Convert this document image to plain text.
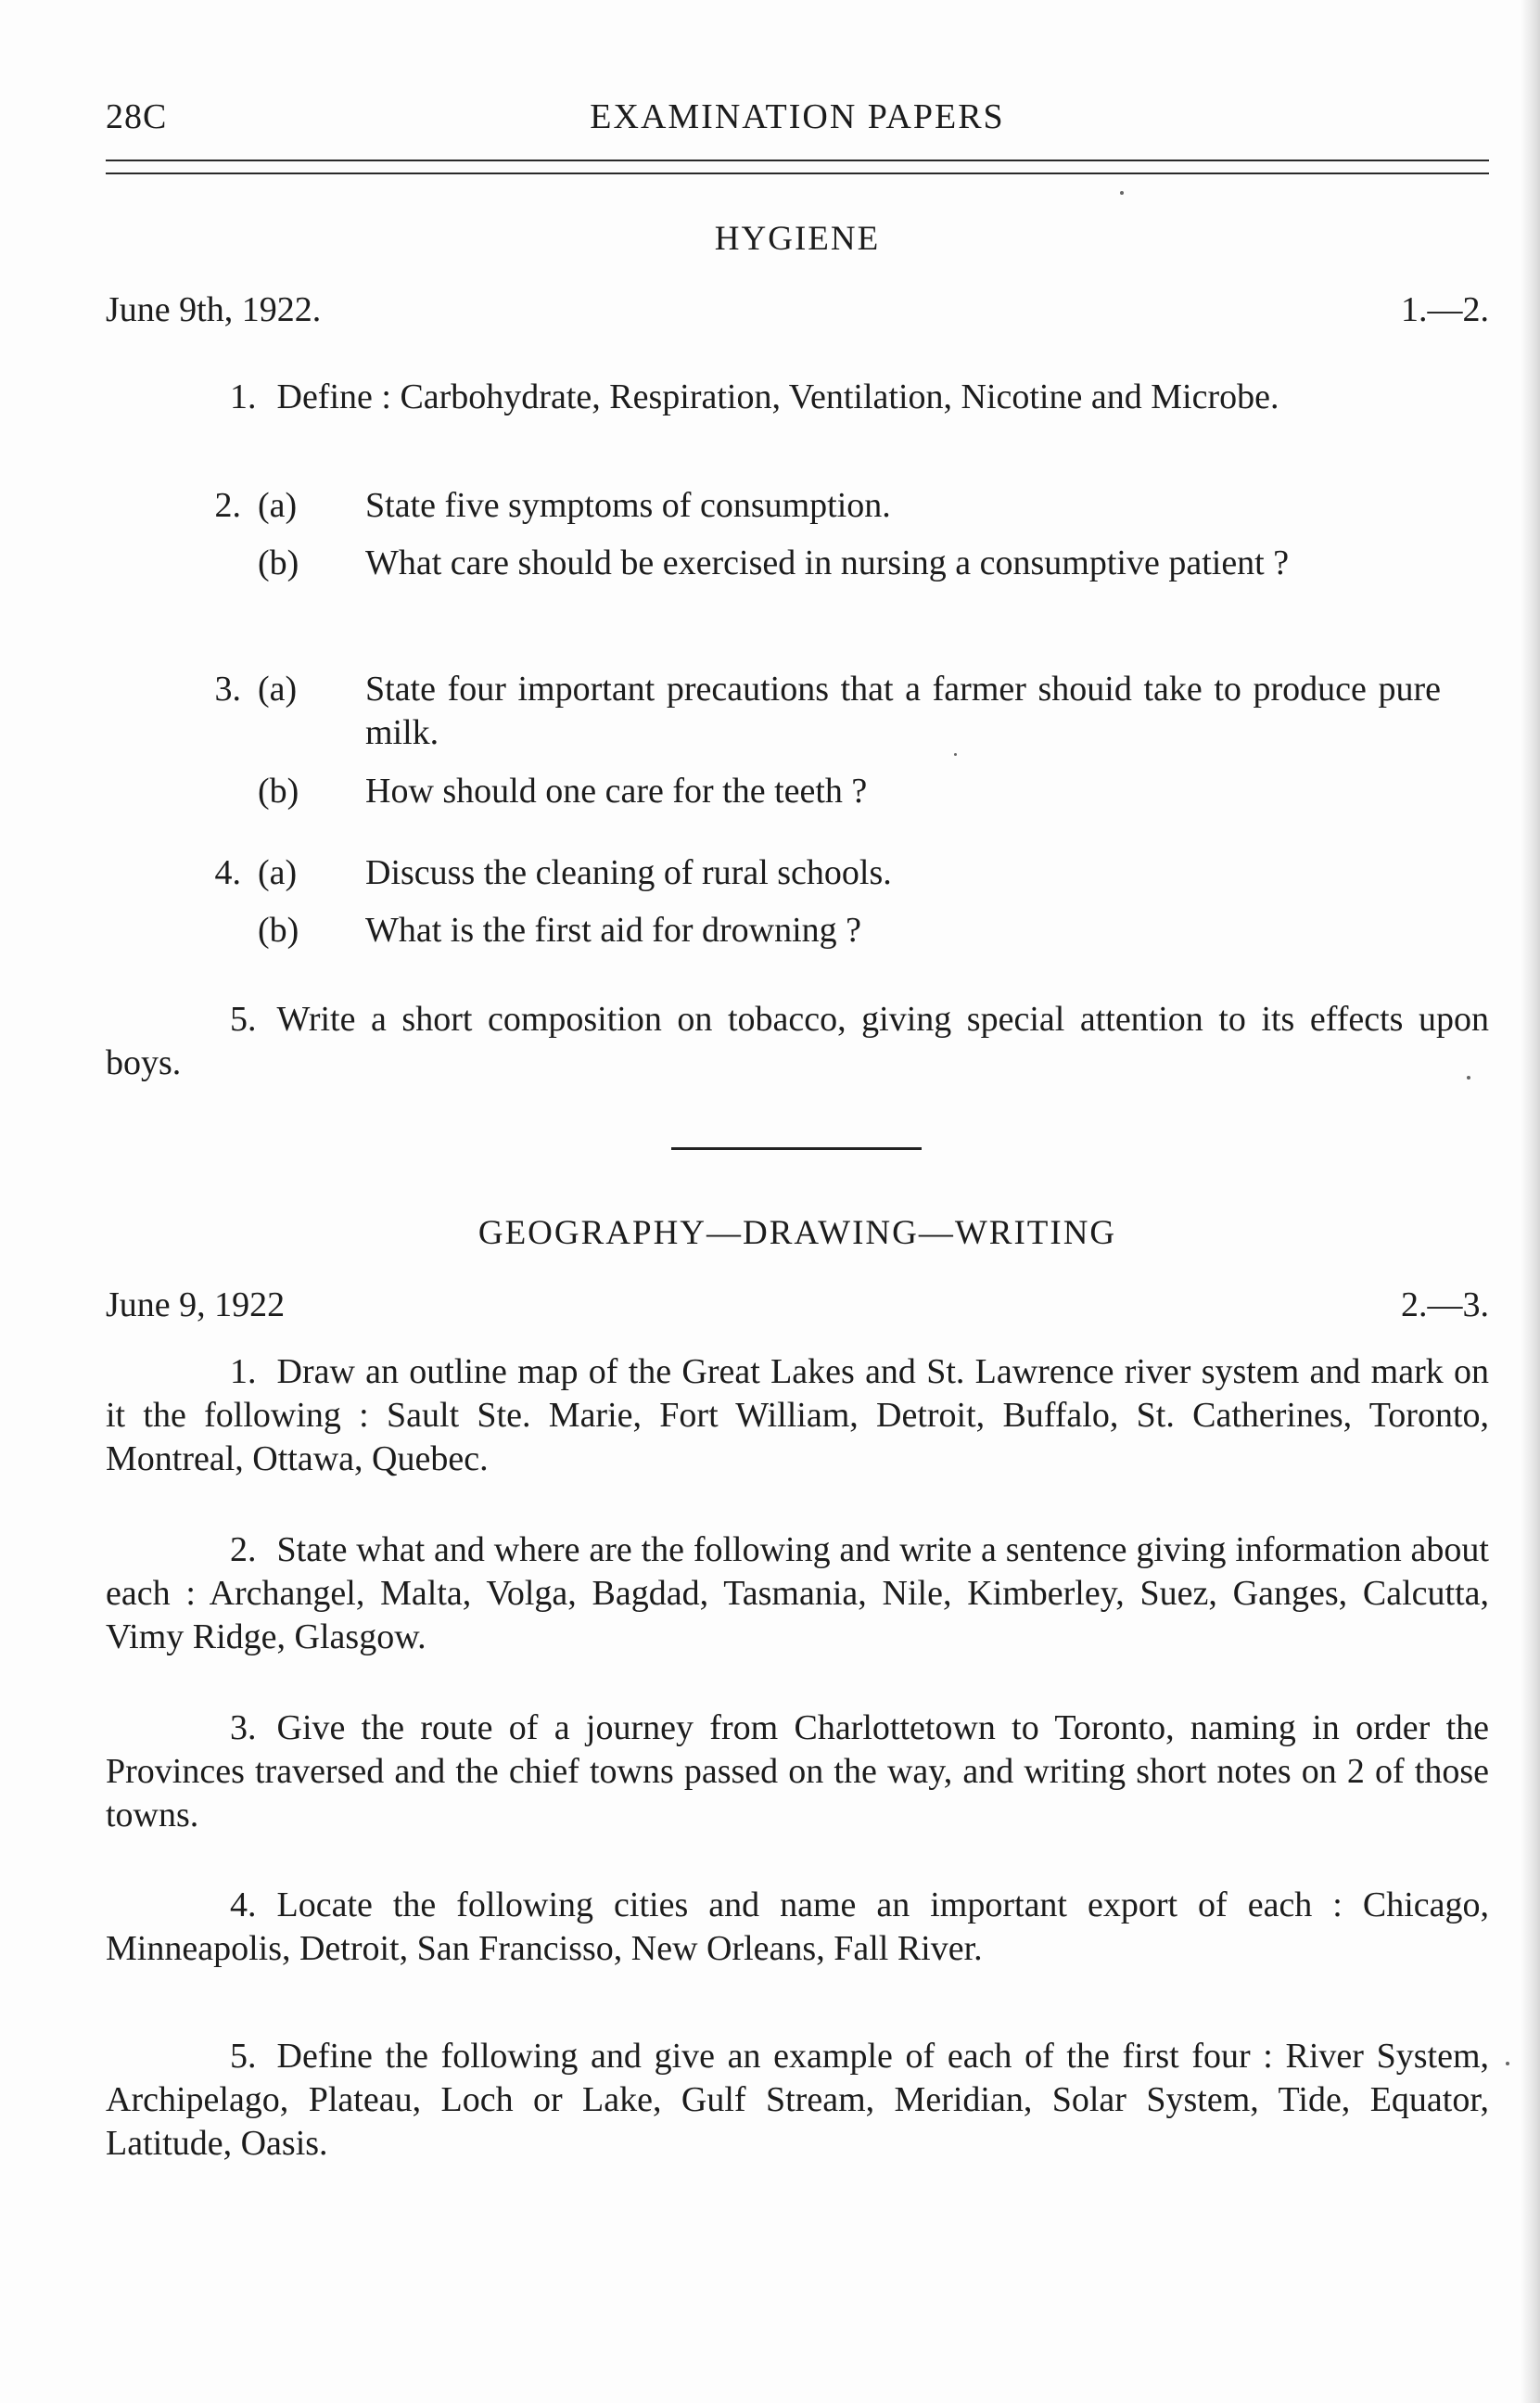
28C	EXAMINATION PAPERS
HYGIENE
June 9th, 1922.	1.—2.

1. Define : Carbohydrate, Respiration, Ventilation, Nicotine and Microbe.

2. (a) State five symptoms of consumption.
(b) What care should be exercised in nursing a consumptive patient ?
3. (a) State four important precautions that a farmer shouid take to produce pure milk.
(b) How should one care for the teeth ?
4. (a) Discuss the cleaning of rural schools.
(b) What is the first aid for drowning ?

5. Write a short composition on tobacco, giving special attention to its effects upon boys.

GEOGRAPHY—DRAWING—WRITING
June 9, 1922	2.—3.

1. Draw an outline map of the Great Lakes and St. Lawrence river system and mark on it the following : Sault Ste. Marie, Fort William, Detroit, Buffalo, St. Catherines, Toronto, Montreal, Ottawa, Quebec.

2. State what and where are the following and write a sentence giving information about each : Archangel, Malta, Volga, Bagdad, Tasmania, Nile, Kimberley, Suez, Ganges, Calcutta, Vimy Ridge, Glasgow.

3. Give the route of a journey from Charlottetown to Toronto, naming in order the Provinces traversed and the chief towns passed on the way, and writing short notes on 2 of those towns.

4. Locate the following cities and name an important export of each : Chicago, Minneapolis, Detroit, San Francisso, New Orleans, Fall River.

5. Define the following and give an example of each of the first four : River System, Archipelago, Plateau, Loch or Lake, Gulf Stream, Meridian, Solar System, Tide, Equator, Latitude, Oasis.
